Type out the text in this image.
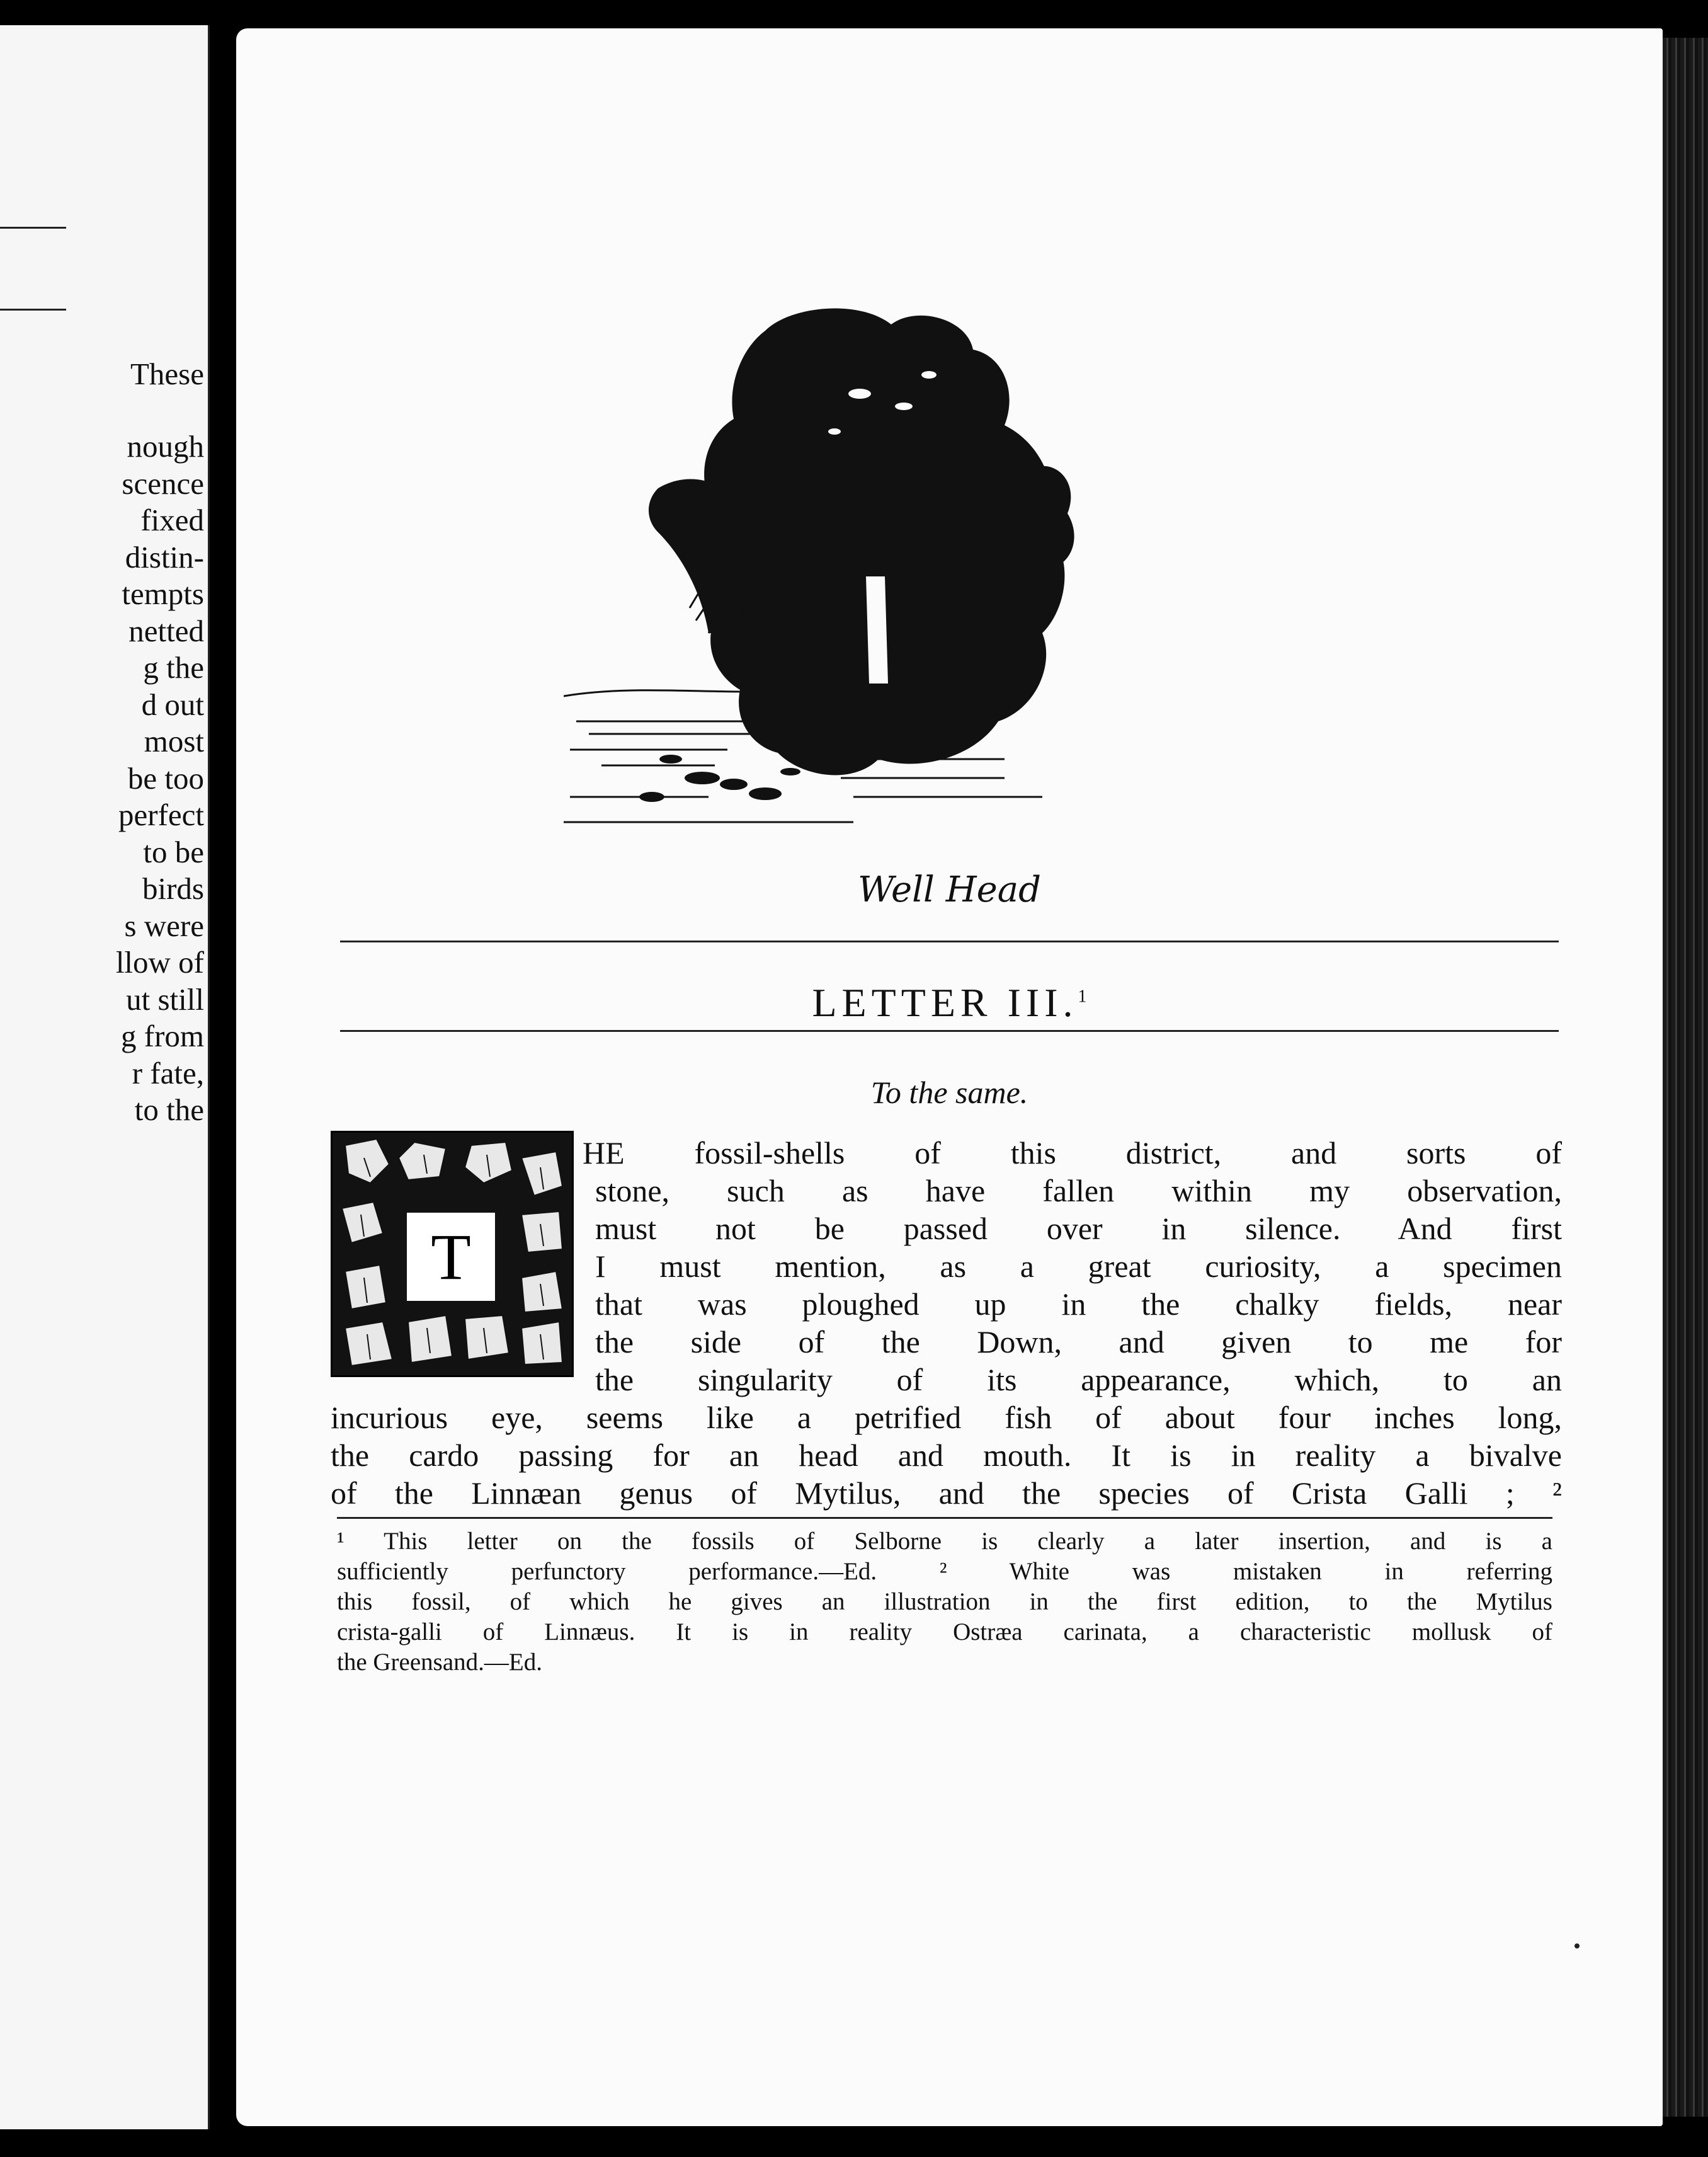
These
nough
scence
fixed
distin-
tempts
netted
g the
d out
most
be too
perfect
to be
birds
s were
llow of
ut still
g from
r fate,
to the
Well Head
LETTER III.$^1$
To the same.
T
HE fossil-shells of this district, and sorts of
stone, such as have fallen within my observation,
must not be passed over in silence. And first
I must mention, as a great curiosity, a specimen
that was ploughed up in the chalky fields, near
the side of the Down, and given to me for
the singularity of its appearance, which, to an
incurious eye, seems like a petrified fish of about four inches long,
the cardo passing for an head and mouth. It is in reality a bivalve
of the Linnæan genus of Mytilus, and the species of Crista Galli ; ²
¹ This letter on the fossils of Selborne is clearly a later insertion, and is a
sufficiently perfunctory performance.—Ed. ² White was mistaken in referring
this fossil, of which he gives an illustration in the first edition, to the Mytilus
crista-galli of Linnæus. It is in reality Ostræa carinata, a characteristic mollusk of
the Greensand.—Ed.
